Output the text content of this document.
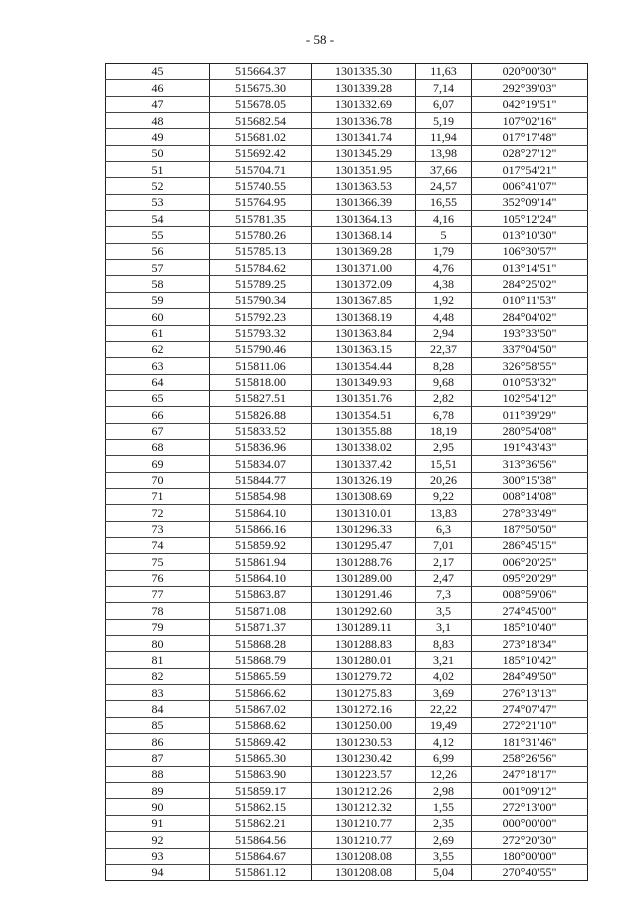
- 58 -
45	515664.37	1301335.30	11,63	020°00'30"
46	515675.30	1301339.28	7,14	292°39'03"
47	515678.05	1301332.69	6,07	042°19'51"
48	515682.54	1301336.78	5,19	107°02'16"
49	515681.02	1301341.74	11,94	017°17'48"
50	515692.42	1301345.29	13,98	028°27'12"
51	515704.71	1301351.95	37,66	017°54'21"
52	515740.55	1301363.53	24,57	006°41'07"
53	515764.95	1301366.39	16,55	352°09'14"
54	515781.35	1301364.13	4,16	105°12'24"
55	515780.26	1301368.14	5	013°10'30"
56	515785.13	1301369.28	1,79	106°30'57"
57	515784.62	1301371.00	4,76	013°14'51"
58	515789.25	1301372.09	4,38	284°25'02"
59	515790.34	1301367.85	1,92	010°11'53"
60	515792.23	1301368.19	4,48	284°04'02"
61	515793.32	1301363.84	2,94	193°33'50"
62	515790.46	1301363.15	22,37	337°04'50"
63	515811.06	1301354.44	8,28	326°58'55"
64	515818.00	1301349.93	9,68	010°53'32"
65	515827.51	1301351.76	2,82	102°54'12"
66	515826.88	1301354.51	6,78	011°39'29"
67	515833.52	1301355.88	18,19	280°54'08"
68	515836.96	1301338.02	2,95	191°43'43"
69	515834.07	1301337.42	15,51	313°36'56"
70	515844.77	1301326.19	20,26	300°15'38"
71	515854.98	1301308.69	9,22	008°14'08"
72	515864.10	1301310.01	13,83	278°33'49"
73	515866.16	1301296.33	6,3	187°50'50"
74	515859.92	1301295.47	7,01	286°45'15"
75	515861.94	1301288.76	2,17	006°20'25"
76	515864.10	1301289.00	2,47	095°20'29"
77	515863.87	1301291.46	7,3	008°59'06"
78	515871.08	1301292.60	3,5	274°45'00"
79	515871.37	1301289.11	3,1	185°10'40"
80	515868.28	1301288.83	8,83	273°18'34"
81	515868.79	1301280.01	3,21	185°10'42"
82	515865.59	1301279.72	4,02	284°49'50"
83	515866.62	1301275.83	3,69	276°13'13"
84	515867.02	1301272.16	22,22	274°07'47"
85	515868.62	1301250.00	19,49	272°21'10"
86	515869.42	1301230.53	4,12	181°31'46"
87	515865.30	1301230.42	6,99	258°26'56"
88	515863.90	1301223.57	12,26	247°18'17"
89	515859.17	1301212.26	2,98	001°09'12"
90	515862.15	1301212.32	1,55	272°13'00"
91	515862.21	1301210.77	2,35	000°00'00"
92	515864.56	1301210.77	2,69	272°20'30"
93	515864.67	1301208.08	3,55	180°00'00"
94	515861.12	1301208.08	5,04	270°40'55"
